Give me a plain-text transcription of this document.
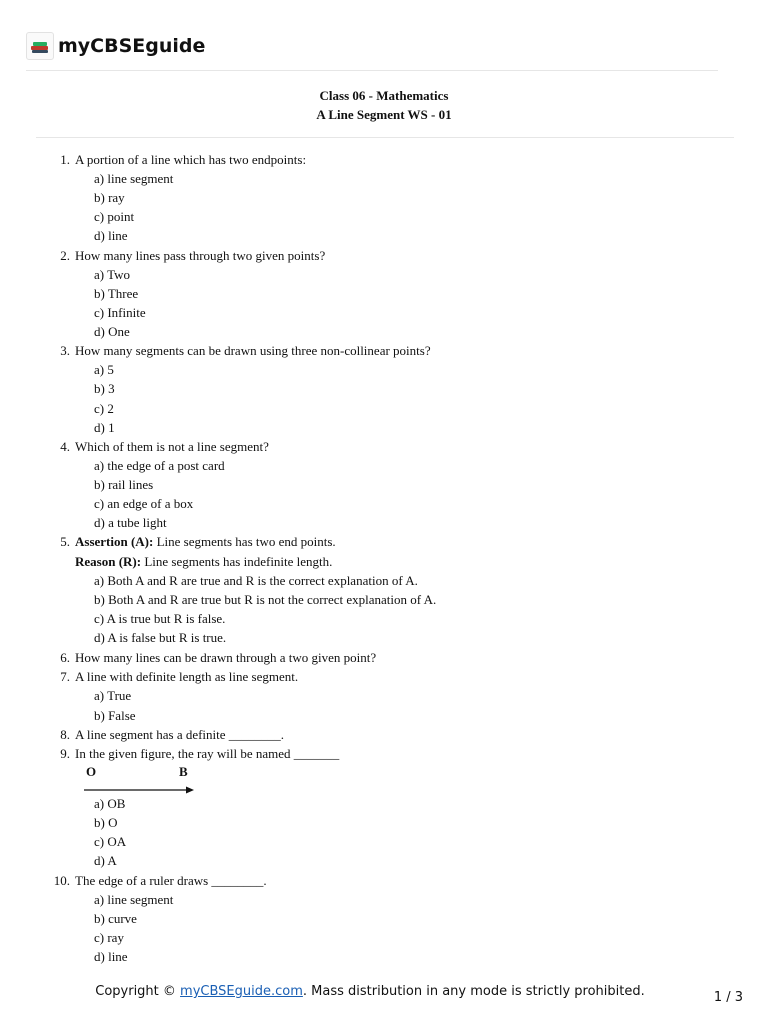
myCBSEguide
Class 06 - Mathematics
A Line Segment WS - 01
1. A portion of a line which has two endpoints:
a) line segment
b) ray
c) point
d) line
2. How many lines pass through two given points?
a) Two
b) Three
c) Infinite
d) One
3. How many segments can be drawn using three non-collinear points?
a) 5
b) 3
c) 2
d) 1
4. Which of them is not a line segment?
a) the edge of a post card
b) rail lines
c) an edge of a box
d) a tube light
5. Assertion (A): Line segments has two end points.
Reason (R): Line segments has indefinite length.
a) Both A and R are true and R is the correct explanation of A.
b) Both A and R are true but R is not the correct explanation of A.
c) A is true but R is false.
d) A is false but R is true.
6. How many lines can be drawn through a two given point?
7. A line with definite length as line segment.
a) True
b) False
8. A line segment has a definite ________.
9. In the given figure, the ray will be named _______
O	B
a) OB
b) O
c) OA
d) A
10. The edge of a ruler draws ________.
a) line segment
b) curve
c) ray
d) line
Copyright © myCBSEguide.com. Mass distribution in any mode is strictly prohibited.	1 / 3
